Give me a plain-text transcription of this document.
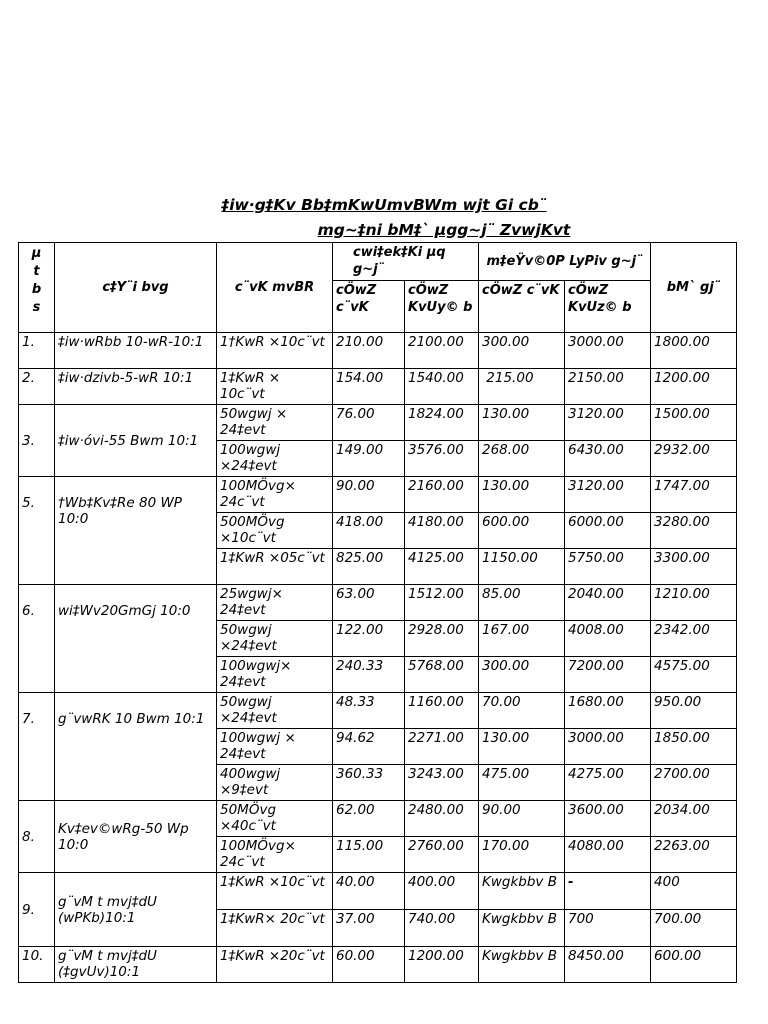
‡iw·g‡Kv Bb‡mKwUmvBWm wjt Gi cb¨
mg~‡ni bM‡` µgg~j¨ ZvwjKvt
µ t b s	c‡Y¨i bvg	c¨vK mvBR	cwi‡ek‡Ki µq g~j¨		m‡eŸv©0P LyPiv g~j¨		bM` gj¨
			cÖwZ c¨vK	cÖwZ KvUy© b	cÖwZ c¨vK	cÖwZ KvUz© b	
1.	‡iw·wRbb 10-wR-10:1	1†KwR ×10c¨vt	210.00	2100.00	300.00	3000.00	1800.00
2.	‡iw·dzivb-5-wR 10:1	1‡KwR × 10c¨vt	154.00	1540.00	215.00	2150.00	1200.00
3.	‡iw·óvi-55 Bwm 10:1	50wgwj × 24‡evt	76.00	1824.00	130.00	3120.00	1500.00
		100wgwj ×24‡evt	149.00	3576.00	268.00	6430.00	2932.00
5.	†Wb‡Kv‡Re 80 WP 10:0	100MÖvg× 24c¨vt	90.00	2160.00	130.00	3120.00	1747.00
		500MÖvg ×10c¨vt	418.00	4180.00	600.00	6000.00	3280.00
		1‡KwR ×05c¨vt	825.00	4125.00	1150.00	5750.00	3300.00
6.	wi‡Wv20GmGj 10:0	25wgwj× 24‡evt	63.00	1512.00	85.00	2040.00	1210.00
		50wgwj ×24‡evt	122.00	2928.00	167.00	4008.00	2342.00
		100wgwj× 24‡evt	240.33	5768.00	300.00	7200.00	4575.00
7.	g¨vwRK 10 Bwm 10:1	50wgwj ×24‡evt	48.33	1160.00	70.00	1680.00	950.00
		100wgwj × 24‡evt	94.62	2271.00	130.00	3000.00	1850.00
		400wgwj ×9‡evt	360.33	3243.00	475.00	4275.00	2700.00
8.	Kv‡ev©wRg-50 Wp 10:0	50MÖvg ×40c¨vt	62.00	2480.00	90.00	3600.00	2034.00
		100MÖvg× 24c¨vt	115.00	2760.00	170.00	4080.00	2263.00
9.	g¨vM t mvj‡dU (wPKb)10:1	1‡KwR ×10c¨vt	40.00	400.00	Kwgkbbv B	-	400
		1‡KwR× 20c¨vt	37.00	740.00	Kwgkbbv B	700	700.00
10.	g¨vM t mvj‡dU (‡gvUv)10:1	1‡KwR ×20c¨vt	60.00	1200.00	Kwgkbbv B	8450.00	600.00
